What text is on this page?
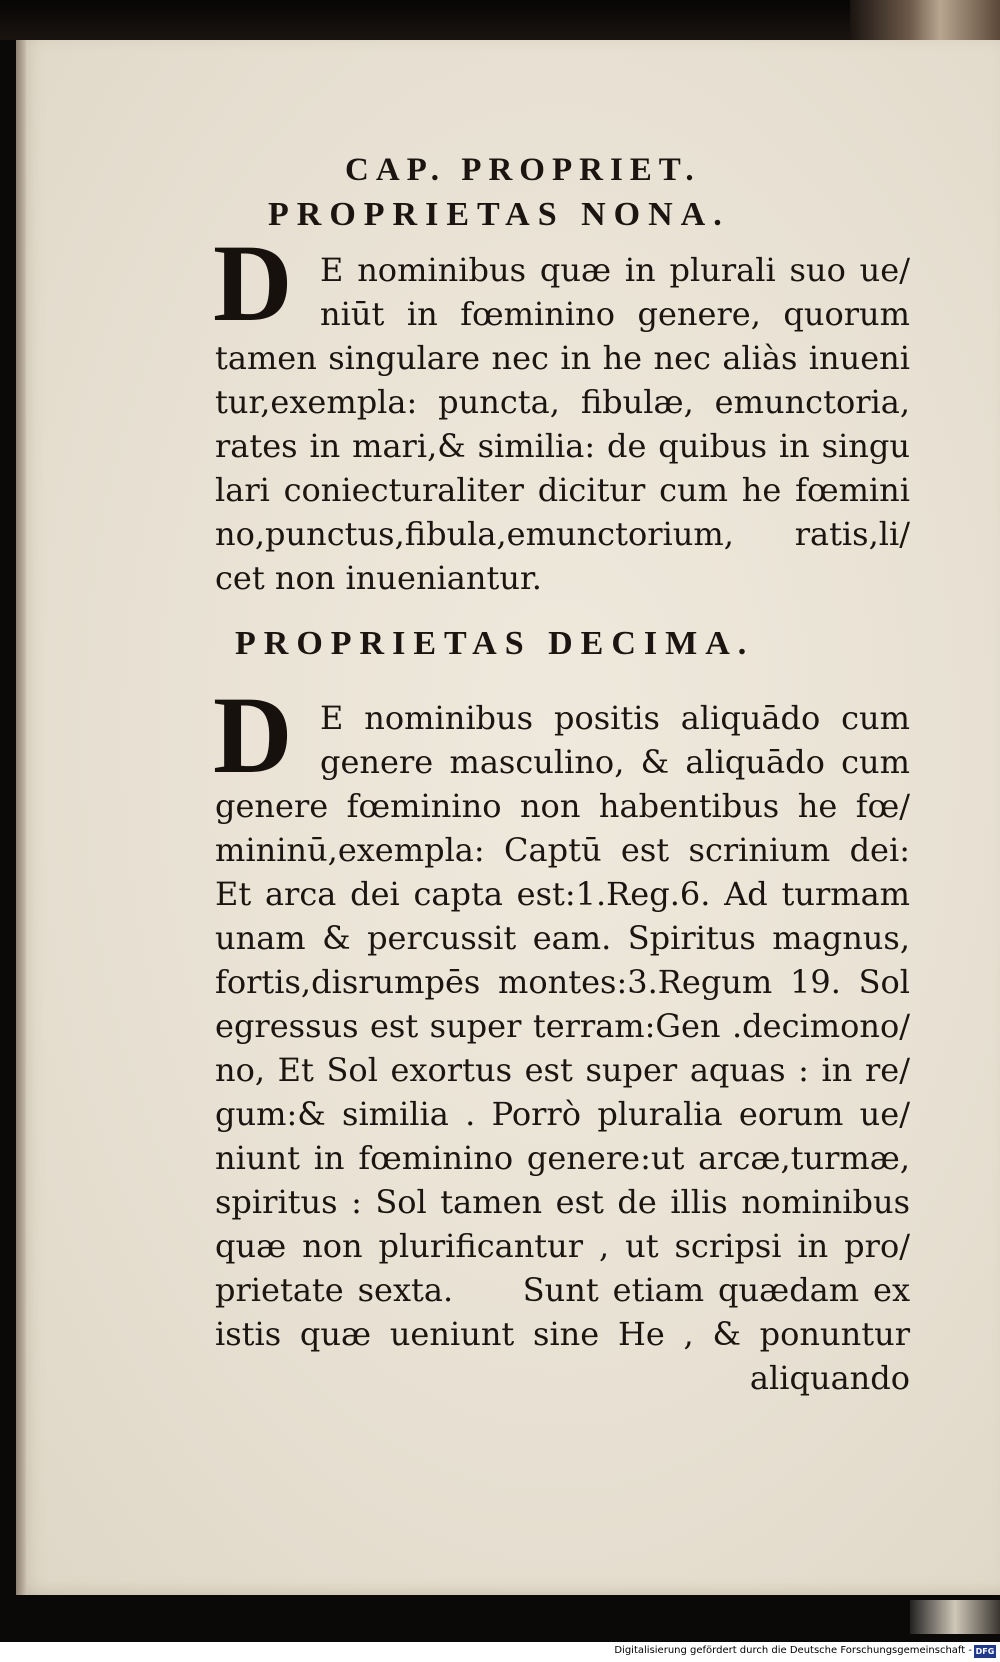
CAP. PROPRIET.
PROPRIETAS NONA.
D E nominibus quæ in plurali suo ue/
niūt in fœminino genere, quorum
tamen singulare nec in he nec aliàs inueni
tur,exempla: puncta, fibulæ, emunctoria,
rates in mari,& similia: de quibus in singu
lari coniecturaliter dicitur cum he fœmini
no,punctus,fibula,emunctorium, ratis,li/
cet non inueniantur.
PROPRIETAS DECIMA.
D E nominibus positis aliquādo cum
genere masculino, & aliquādo cum
genere fœminino non habentibus he fœ/
mininū,exempla: Captū est scrinium dei:
Et arca dei capta est:1.Reg.6. Ad turmam
unam & percussit eam. Spiritus magnus,
fortis,disrumpēs montes:3.Regum 19. Sol
egressus est super terram:Gen .decimono/
no, Et Sol exortus est super aquas : in re/
gum:& similia . Porrò pluralia eorum ue/
niunt in fœminino genere:ut arcæ,turmæ,
spiritus : Sol tamen est de illis nominibus
quæ non plurificantur , ut scripsi in pro/
prietate sexta.     Sunt etiam quædam ex
istis quæ ueniunt sine He , & ponuntur
aliquando
Digitalisierung gefördert durch die Deutsche Forschungsgemeinschaft - DFG
